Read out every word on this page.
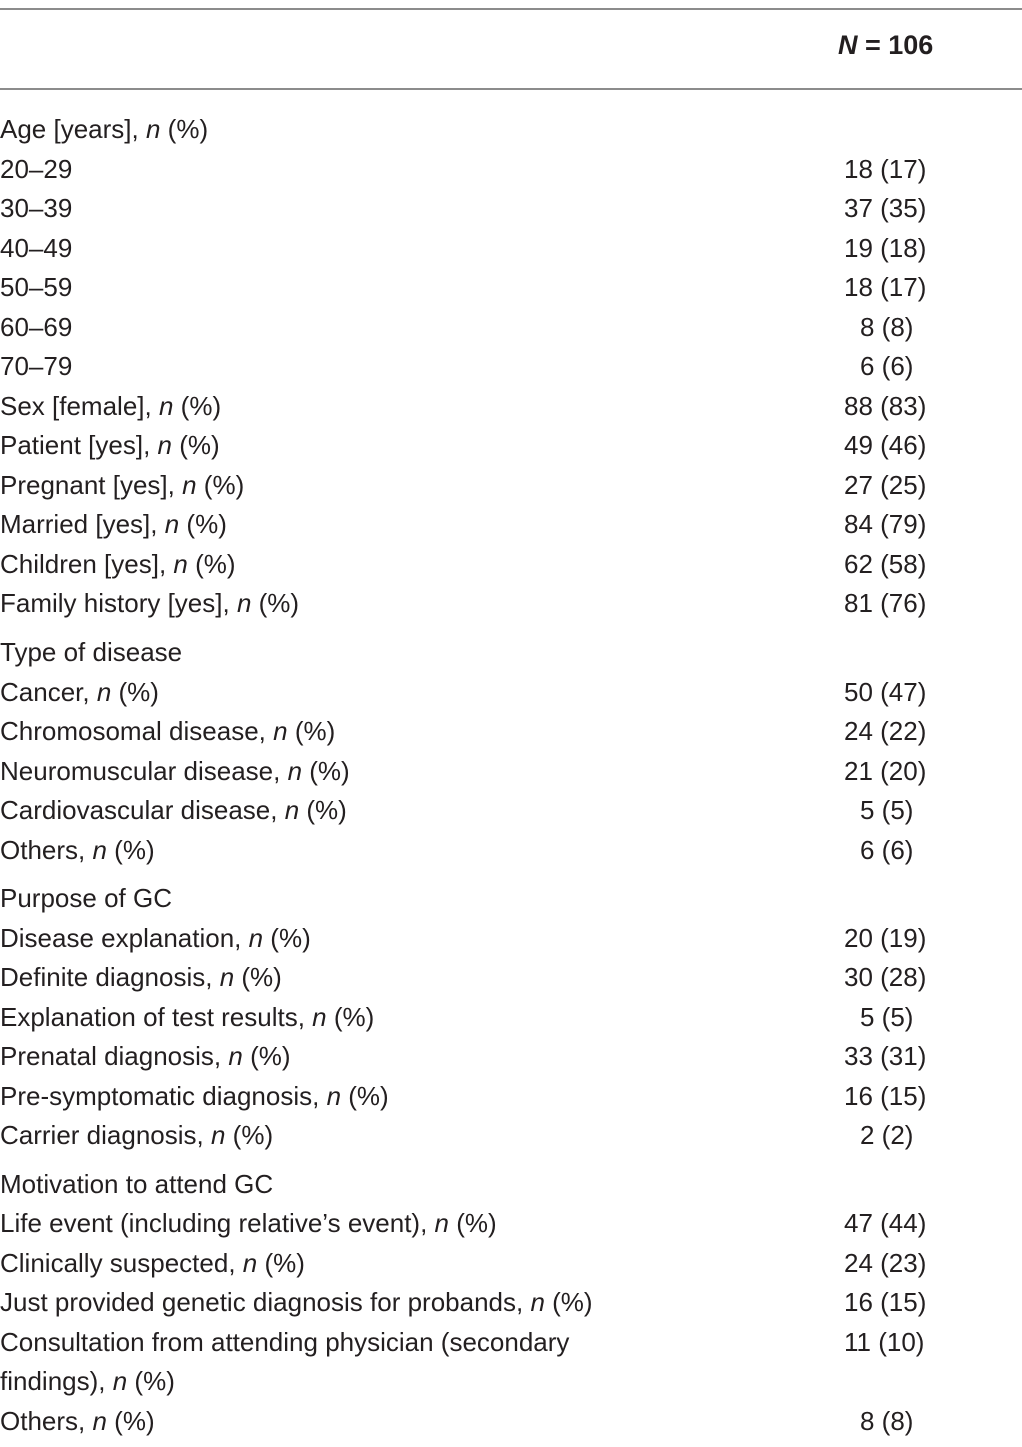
N = 106
Age [years], n (%)
20–29	18 (17)
30–39	37 (35)
40–49	19 (18)
50–59	18 (17)
60–69	8 (8)
70–79	6 (6)
Sex [female], n (%)	88 (83)
Patient [yes], n (%)	49 (46)
Pregnant [yes], n (%)	27 (25)
Married [yes], n (%)	84 (79)
Children [yes], n (%)	62 (58)
Family history [yes], n (%)	81 (76)
Type of disease
Cancer, n (%)	50 (47)
Chromosomal disease, n (%)	24 (22)
Neuromuscular disease, n (%)	21 (20)
Cardiovascular disease, n (%)	5 (5)
Others, n (%)	6 (6)
Purpose of GC
Disease explanation, n (%)	20 (19)
Definite diagnosis, n (%)	30 (28)
Explanation of test results, n (%)	5 (5)
Prenatal diagnosis, n (%)	33 (31)
Pre-symptomatic diagnosis, n (%)	16 (15)
Carrier diagnosis, n (%)	2 (2)
Motivation to attend GC
Life event (including relative’s event), n (%)	47 (44)
Clinically suspected, n (%)	24 (23)
Just provided genetic diagnosis for probands, n (%)	16 (15)
Consultation from attending physician (secondary	11 (10)
findings), n (%)
Others, n (%)	8 (8)
